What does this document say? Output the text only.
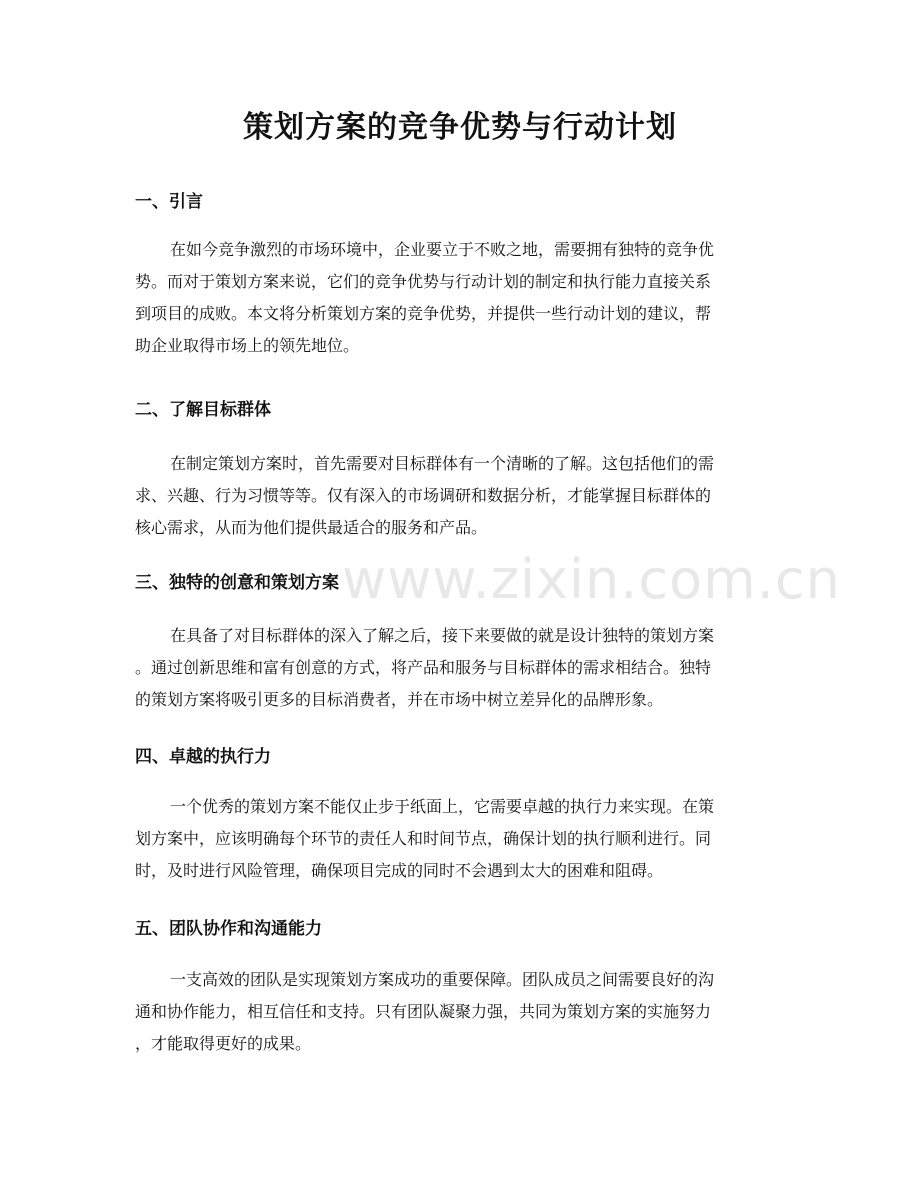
策划方案的竞争优势与行动计划
www.zixin.com.cn
一、引言
在如今竞争激烈的市场环境中，企业要立于不败之地，需要拥有独特的竞争优
势。而对于策划方案来说，它们的竞争优势与行动计划的制定和执行能力直接关系
到项目的成败。本文将分析策划方案的竞争优势，并提供一些行动计划的建议，帮
助企业取得市场上的领先地位。
二、了解目标群体
在制定策划方案时，首先需要对目标群体有一个清晰的了解。这包括他们的需
求、兴趣、行为习惯等等。仅有深入的市场调研和数据分析，才能掌握目标群体的
核心需求，从而为他们提供最适合的服务和产品。
三、独特的创意和策划方案
在具备了对目标群体的深入了解之后，接下来要做的就是设计独特的策划方案
。通过创新思维和富有创意的方式，将产品和服务与目标群体的需求相结合。独特
的策划方案将吸引更多的目标消费者，并在市场中树立差异化的品牌形象。
四、卓越的执行力
一个优秀的策划方案不能仅止步于纸面上，它需要卓越的执行力来实现。在策
划方案中，应该明确每个环节的责任人和时间节点，确保计划的执行顺利进行。同
时，及时进行风险管理，确保项目完成的同时不会遇到太大的困难和阻碍。
五、团队协作和沟通能力
一支高效的团队是实现策划方案成功的重要保障。团队成员之间需要良好的沟
通和协作能力，相互信任和支持。只有团队凝聚力强，共同为策划方案的实施努力
，才能取得更好的成果。
